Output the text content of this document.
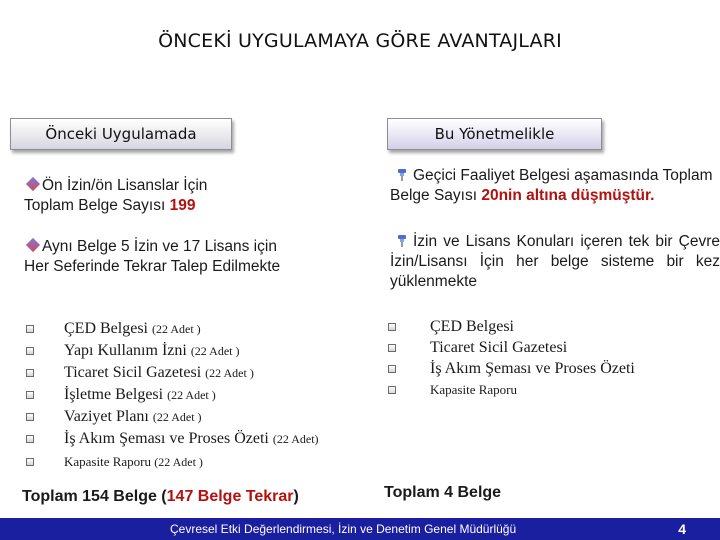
ÖNCEKİ UYGULAMAYA GÖRE AVANTAJLARI
Önceki Uygulamada	Bu Yönetmelikle
Ön İzin/ön Lisanslar İçin
Toplam Belge Sayısı 199
Aynı Belge 5 İzin ve 17 Lisans için
Her Seferinde Tekrar Talep Edilmekte
Geçici Faaliyet Belgesi aşamasında Toplam Belge Sayısı 20nin altına düşmüştür.
İzin ve Lisans Konuları içeren tek bir Çevre İzin/Lisansı İçin her belge sisteme bir kez yüklenmekte
ÇED Belgesi (22 Adet )
Yapı Kullanım İzni (22 Adet )
Ticaret Sicil Gazetesi (22 Adet )
İşletme Belgesi (22 Adet )
Vaziyet Planı (22 Adet )
İş Akım Şeması ve Proses Özeti (22 Adet)
Kapasite Raporu (22 Adet )
ÇED Belgesi
Ticaret Sicil Gazetesi
İş Akım Şeması ve Proses Özeti
Kapasite Raporu
Toplam 154 Belge (147 Belge Tekrar)	Toplam 4 Belge
Çevresel Etki Değerlendirmesi, İzin ve Denetim Genel Müdürlüğü	4
